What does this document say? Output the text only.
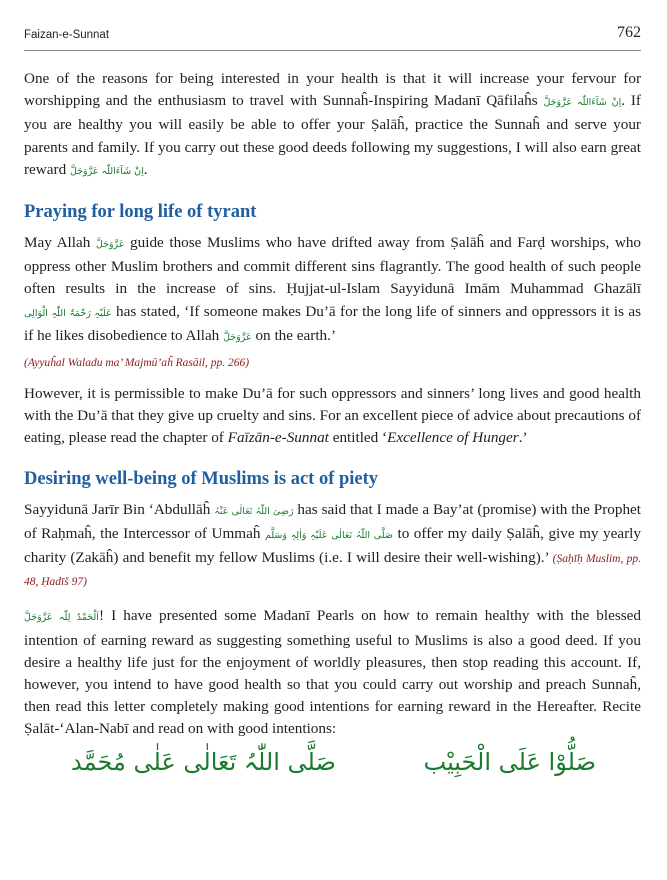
Faizan-e-Sunnat	762

One of the reasons for being interested in your health is that it will increase your fervour for worshipping and the enthusiasm to travel with Sunnaĥ-Inspiring Madanī Qāfilaĥs اِنْ شَآءَاللّٰہ عَزَّوَجَلَّ. If you are healthy you will easily be able to offer your Ṣalāĥ, practice the Sunnaĥ and serve your parents and family. If you carry out these good deeds following my suggestions, I will also earn great reward اِنْ شَآءَاللّٰہ عَزَّوَجَلَّ.

Praying for long life of tyrant

May Allah عَزَّوَجَلَّ guide those Muslims who have drifted away from Ṣalāĥ and Farḍ worships, who oppress other Muslim brothers and commit different sins flagrantly. The good health of such people often results in the increase of sins. Ḥujjat-ul-Islam Sayyidunā Imām Muhammad Ghazālī عَلَیْہِ رَحْمَۃُ اللّٰہِ الْوَالِی has stated, ‘If someone makes Du’ā for the long life of sinners and oppressors it is as if he likes disobedience to Allah عَزَّوَجَلَّ on the earth.’

(Ayyuĥal Waladu ma’ Majmū’aĥ Rasāil, pp. 266)

However, it is permissible to make Du’ā for such oppressors and sinners’ long lives and good health with the Du’ā that they give up cruelty and sins. For an excellent piece of advice about precautions of eating, please read the chapter of Faīzān-e-Sunnat entitled ‘Excellence of Hunger.’

Desiring well-being of Muslims is act of piety

Sayyidunā Jarīr Bin ‘Abdullāĥ رَضِیَ اللّٰہُ تَعَالٰی عَنْہُ has said that I made a Bay’at (promise) with the Prophet of Raḥmaĥ, the Intercessor of Ummaĥ صَلَّی اللّٰہُ تَعَالٰی عَلَیْہِ وَاٰلِہٖ وَسَلَّم to offer my daily Ṣalāĥ, give my yearly charity (Zakāĥ) and benefit my fellow Muslims (i.e. I will desire their well-wishing).’ (Ṣaḥīḥ Muslim, pp. 48, Ḥadīš 97)

اَلْحَمْدُ لِلّٰہ عَزَّوَجَلَّ! I have presented some Madanī Pearls on how to remain healthy with the blessed intention of earning reward as suggesting something useful to Muslims is also a good deed. If you desire a healthy life just for the enjoyment of worldly pleasures, then stop reading this account. If, however, you intend to have good health so that you could carry out worship and preach Sunnaĥ, then read this letter completely making good intentions for earning reward in the Hereafter. Recite Ṣalāt-‘Alan-Nabī and read on with good intentions:

صَلُّوْا عَلَی الْحَبِیْب صَلَّی اللّٰہُ تَعَالٰی عَلٰی مُحَمَّد
